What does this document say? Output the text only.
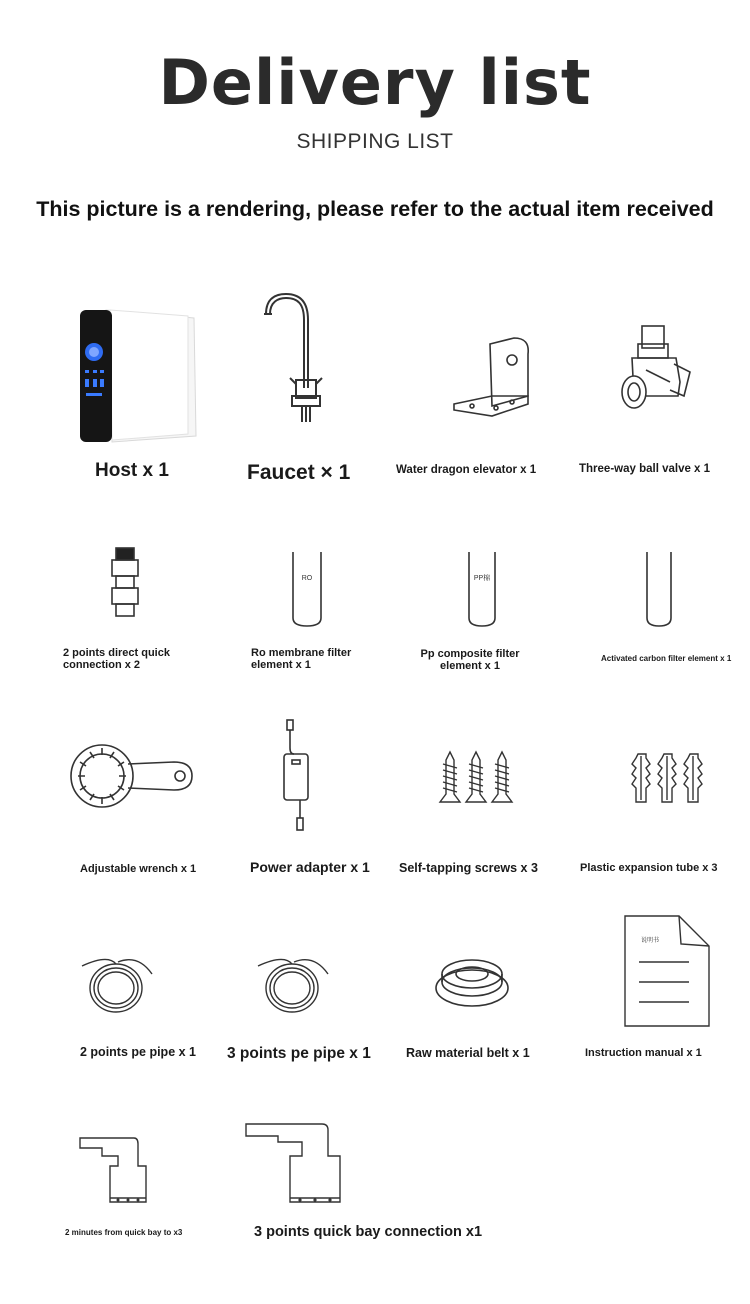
Delivery list
SHIPPING LIST
This picture is a rendering, please refer to the actual item received
Host x 1	Faucet × 1	Water dragon elevator x 1	Three-way ball valve x 1
2 points direct quick connection x 2
RO
Ro membrane filter element x 1
PP棉
Pp composite filter element x 1
Activated carbon filter element x 1
Adjustable wrench x 1	Power adapter x 1 Self-tapping screws x 3	Plastic expansion tube x 3
2 points pe pipe x 1 3 points pe pipe x 1	Raw material belt x 1
说明书
Instruction manual x 1
2 minutes from quick bay to x3	3 points quick bay connection x1
